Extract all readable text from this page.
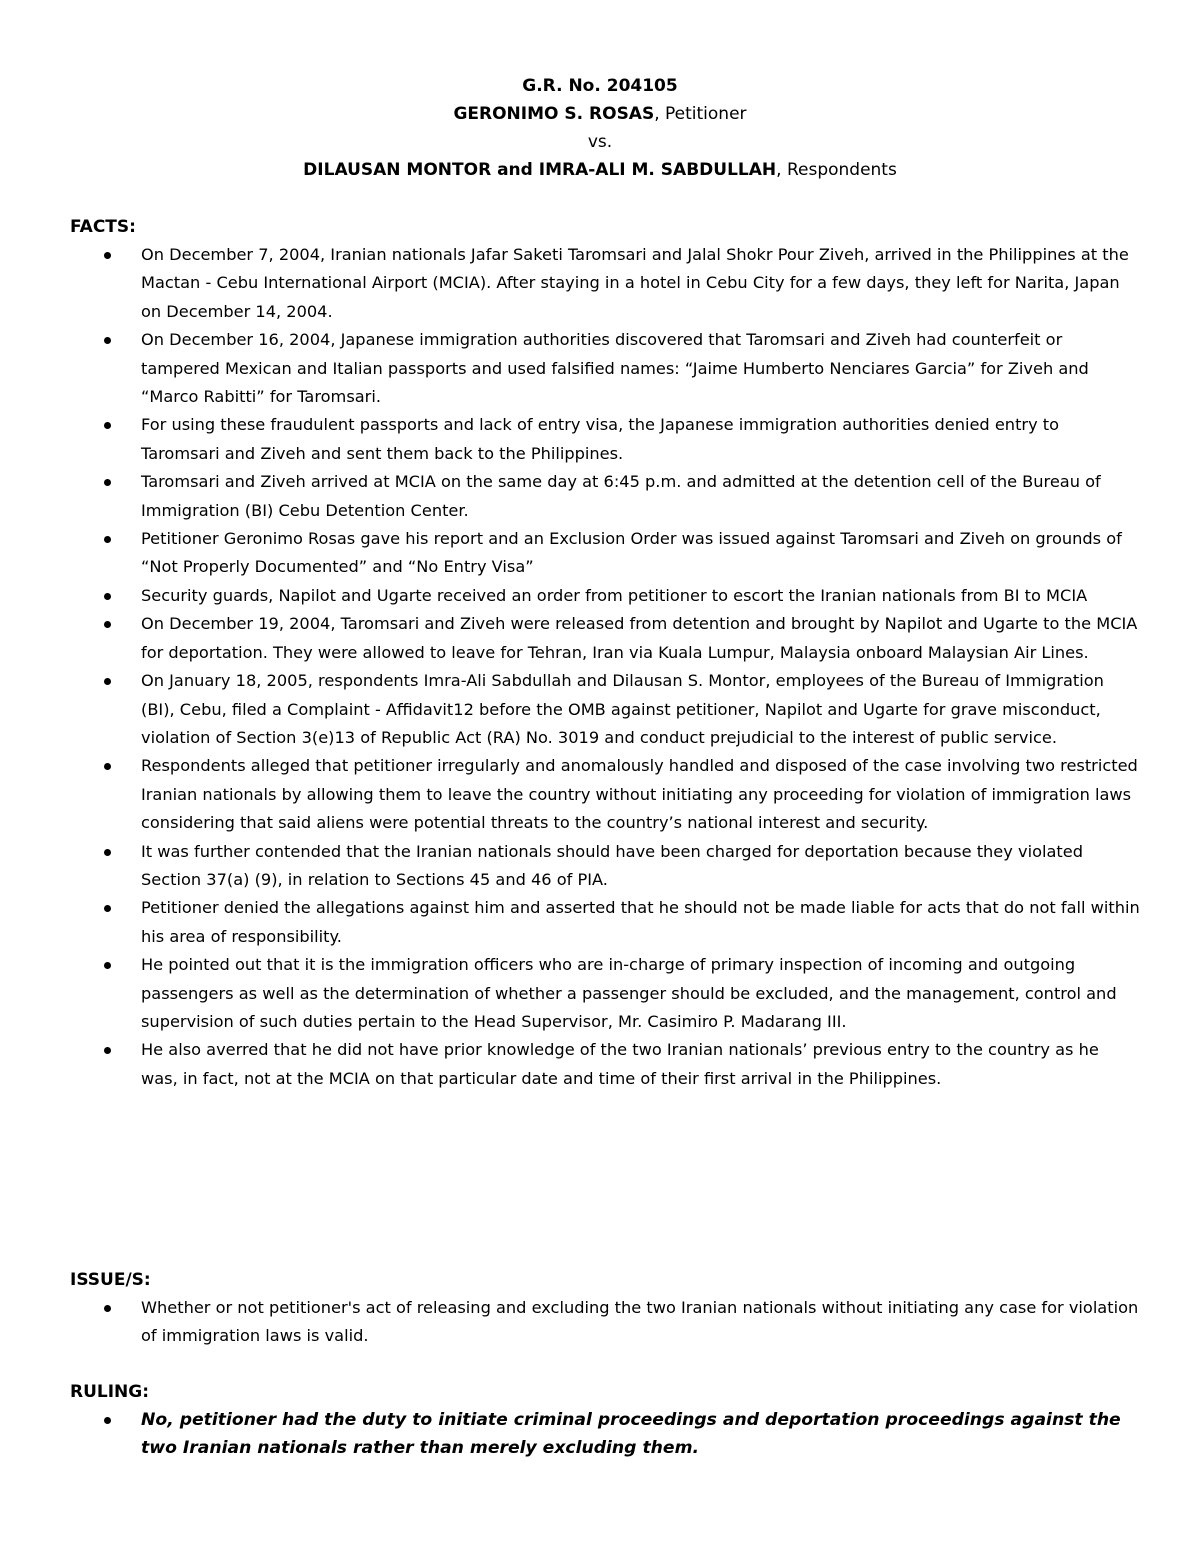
G.R. No. 204105
GERONIMO S. ROSAS, Petitioner
vs.
DILAUSAN MONTOR and IMRA-ALI M. SABDULLAH, Respondents
FACTS:
On December 7, 2004, Iranian nationals Jafar Saketi Taromsari and Jalal Shokr Pour Ziveh, arrived in the Philippines at the Mactan - Cebu International Airport (MCIA). After staying in a hotel in Cebu City for a few days, they left for Narita, Japan on December 14, 2004.
On December 16, 2004, Japanese immigration authorities discovered that Taromsari and Ziveh had counterfeit or tampered Mexican and Italian passports and used falsified names: “Jaime Humberto Nenciares Garcia” for Ziveh and “Marco Rabitti” for Taromsari.
For using these fraudulent passports and lack of entry visa, the Japanese immigration authorities denied entry to Taromsari and Ziveh and sent them back to the Philippines.
Taromsari and Ziveh arrived at MCIA on the same day at 6:45 p.m. and admitted at the detention cell of the Bureau of Immigration (BI) Cebu Detention Center.
Petitioner Geronimo Rosas gave his report and an Exclusion Order was issued against Taromsari and Ziveh on grounds of “Not Properly Documented” and “No Entry Visa”
Security guards, Napilot and Ugarte received an order from petitioner to escort the Iranian nationals from BI to MCIA
On December 19, 2004, Taromsari and Ziveh were released from detention and brought by Napilot and Ugarte to the MCIA for deportation. They were allowed to leave for Tehran, Iran via Kuala Lumpur, Malaysia onboard Malaysian Air Lines.
On January 18, 2005, respondents Imra-Ali Sabdullah and Dilausan S. Montor, employees of the Bureau of Immigration (BI), Cebu, filed a Complaint - Affidavit12 before the OMB against petitioner, Napilot and Ugarte for grave misconduct, violation of Section 3(e)13 of Republic Act (RA) No. 3019 and conduct prejudicial to the interest of public service.
Respondents alleged that petitioner irregularly and anomalously handled and disposed of the case involving two restricted Iranian nationals by allowing them to leave the country without initiating any proceeding for violation of immigration laws considering that said aliens were potential threats to the country’s national interest and security.
It was further contended that the Iranian nationals should have been charged for deportation because they violated Section 37(a) (9), in relation to Sections 45 and 46 of PIA.
Petitioner denied the allegations against him and asserted that he should not be made liable for acts that do not fall within his area of responsibility.
He pointed out that it is the immigration officers who are in-charge of primary inspection of incoming and outgoing passengers as well as the determination of whether a passenger should be excluded, and the management, control and supervision of such duties pertain to the Head Supervisor, Mr. Casimiro P. Madarang III.
He also averred that he did not have prior knowledge of the two Iranian nationals’ previous entry to the country as he was, in fact, not at the MCIA on that particular date and time of their first arrival in the Philippines.
ISSUE/S:
Whether or not petitioner's act of releasing and excluding the two Iranian nationals without initiating any case for violation of immigration laws is valid.
RULING:
No, petitioner had the duty to initiate criminal proceedings and deportation proceedings against the two Iranian nationals rather than merely excluding them.
